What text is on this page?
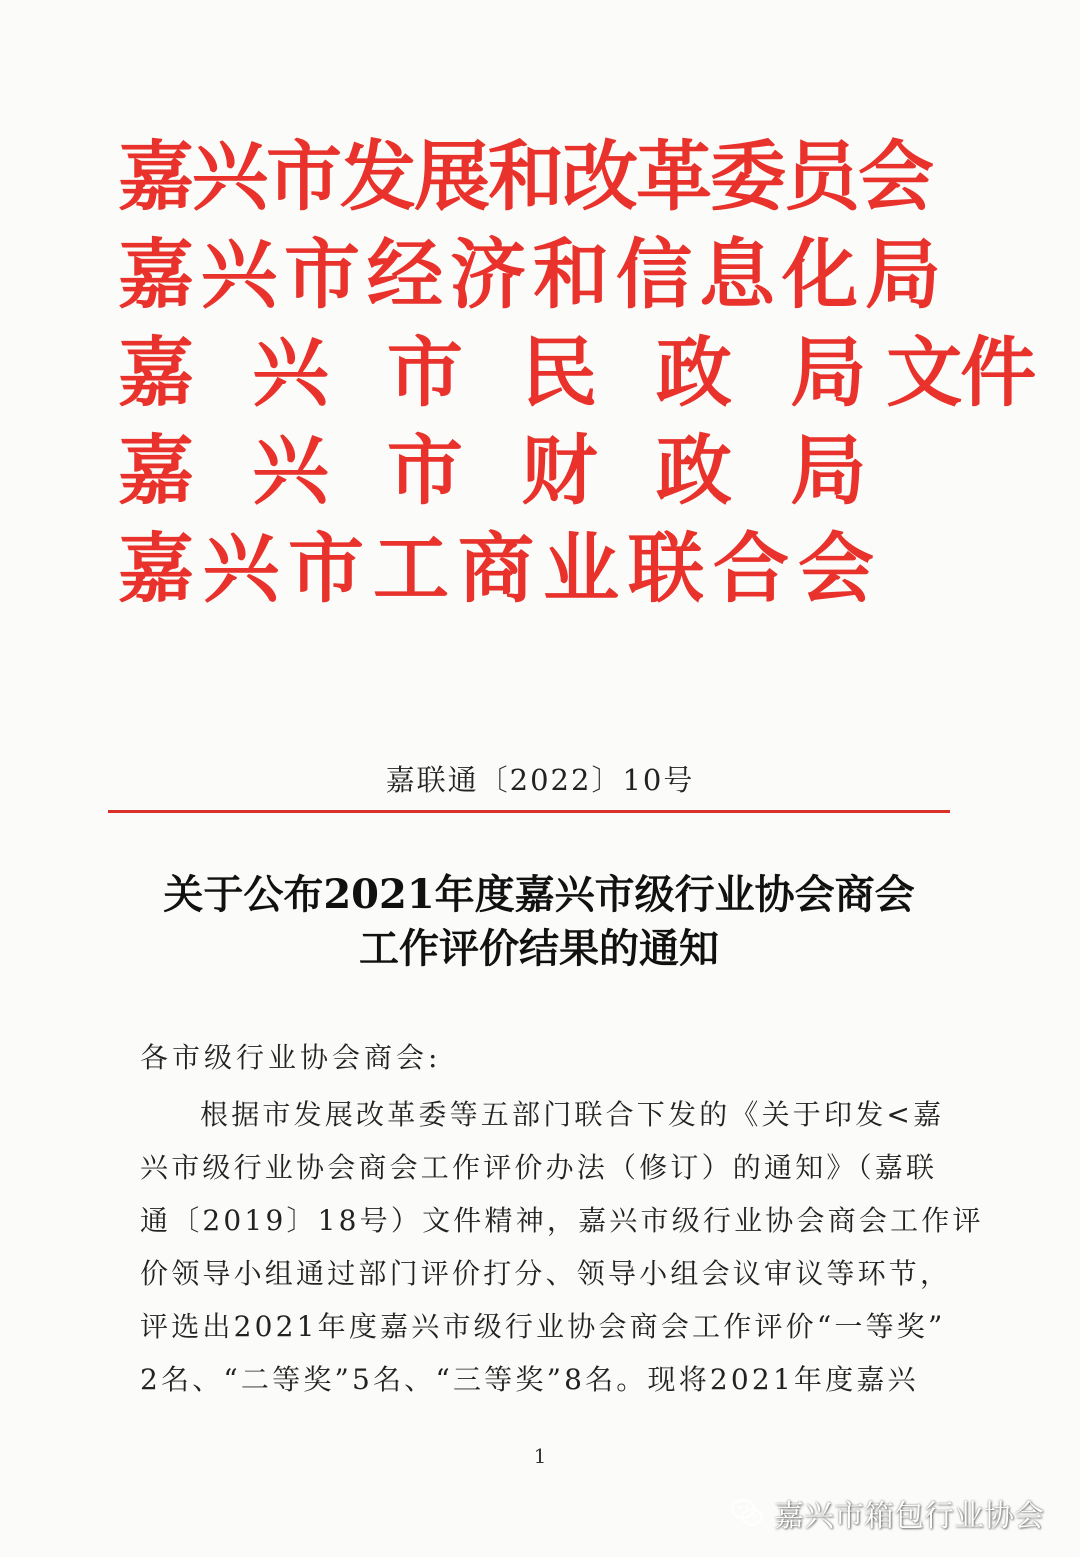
嘉兴市发展和改革委员会
嘉兴市经济和信息化局
嘉 兴 市 民 政 局文件
嘉 兴 市 财 政 局
嘉兴市工商业联合会
嘉联通〔2022〕10号
关于公布2021年度嘉兴市级行业协会商会
工作评价结果的通知
各市级行业协会商会:
根据市发展改革委等五部门联合下发的《关于印发<嘉
兴市级行业协会商会工作评价办法（修订）的通知》（嘉联
通〔2019〕18号）文件精神，嘉兴市级行业协会商会工作评
价领导小组通过部门评价打分、领导小组会议审议等环节，
评选出2021年度嘉兴市级行业协会商会工作评价“一等奖”
2名、“二等奖”5名、“三等奖”8名。现将2021年度嘉兴
1
嘉兴市箱包行业协会
